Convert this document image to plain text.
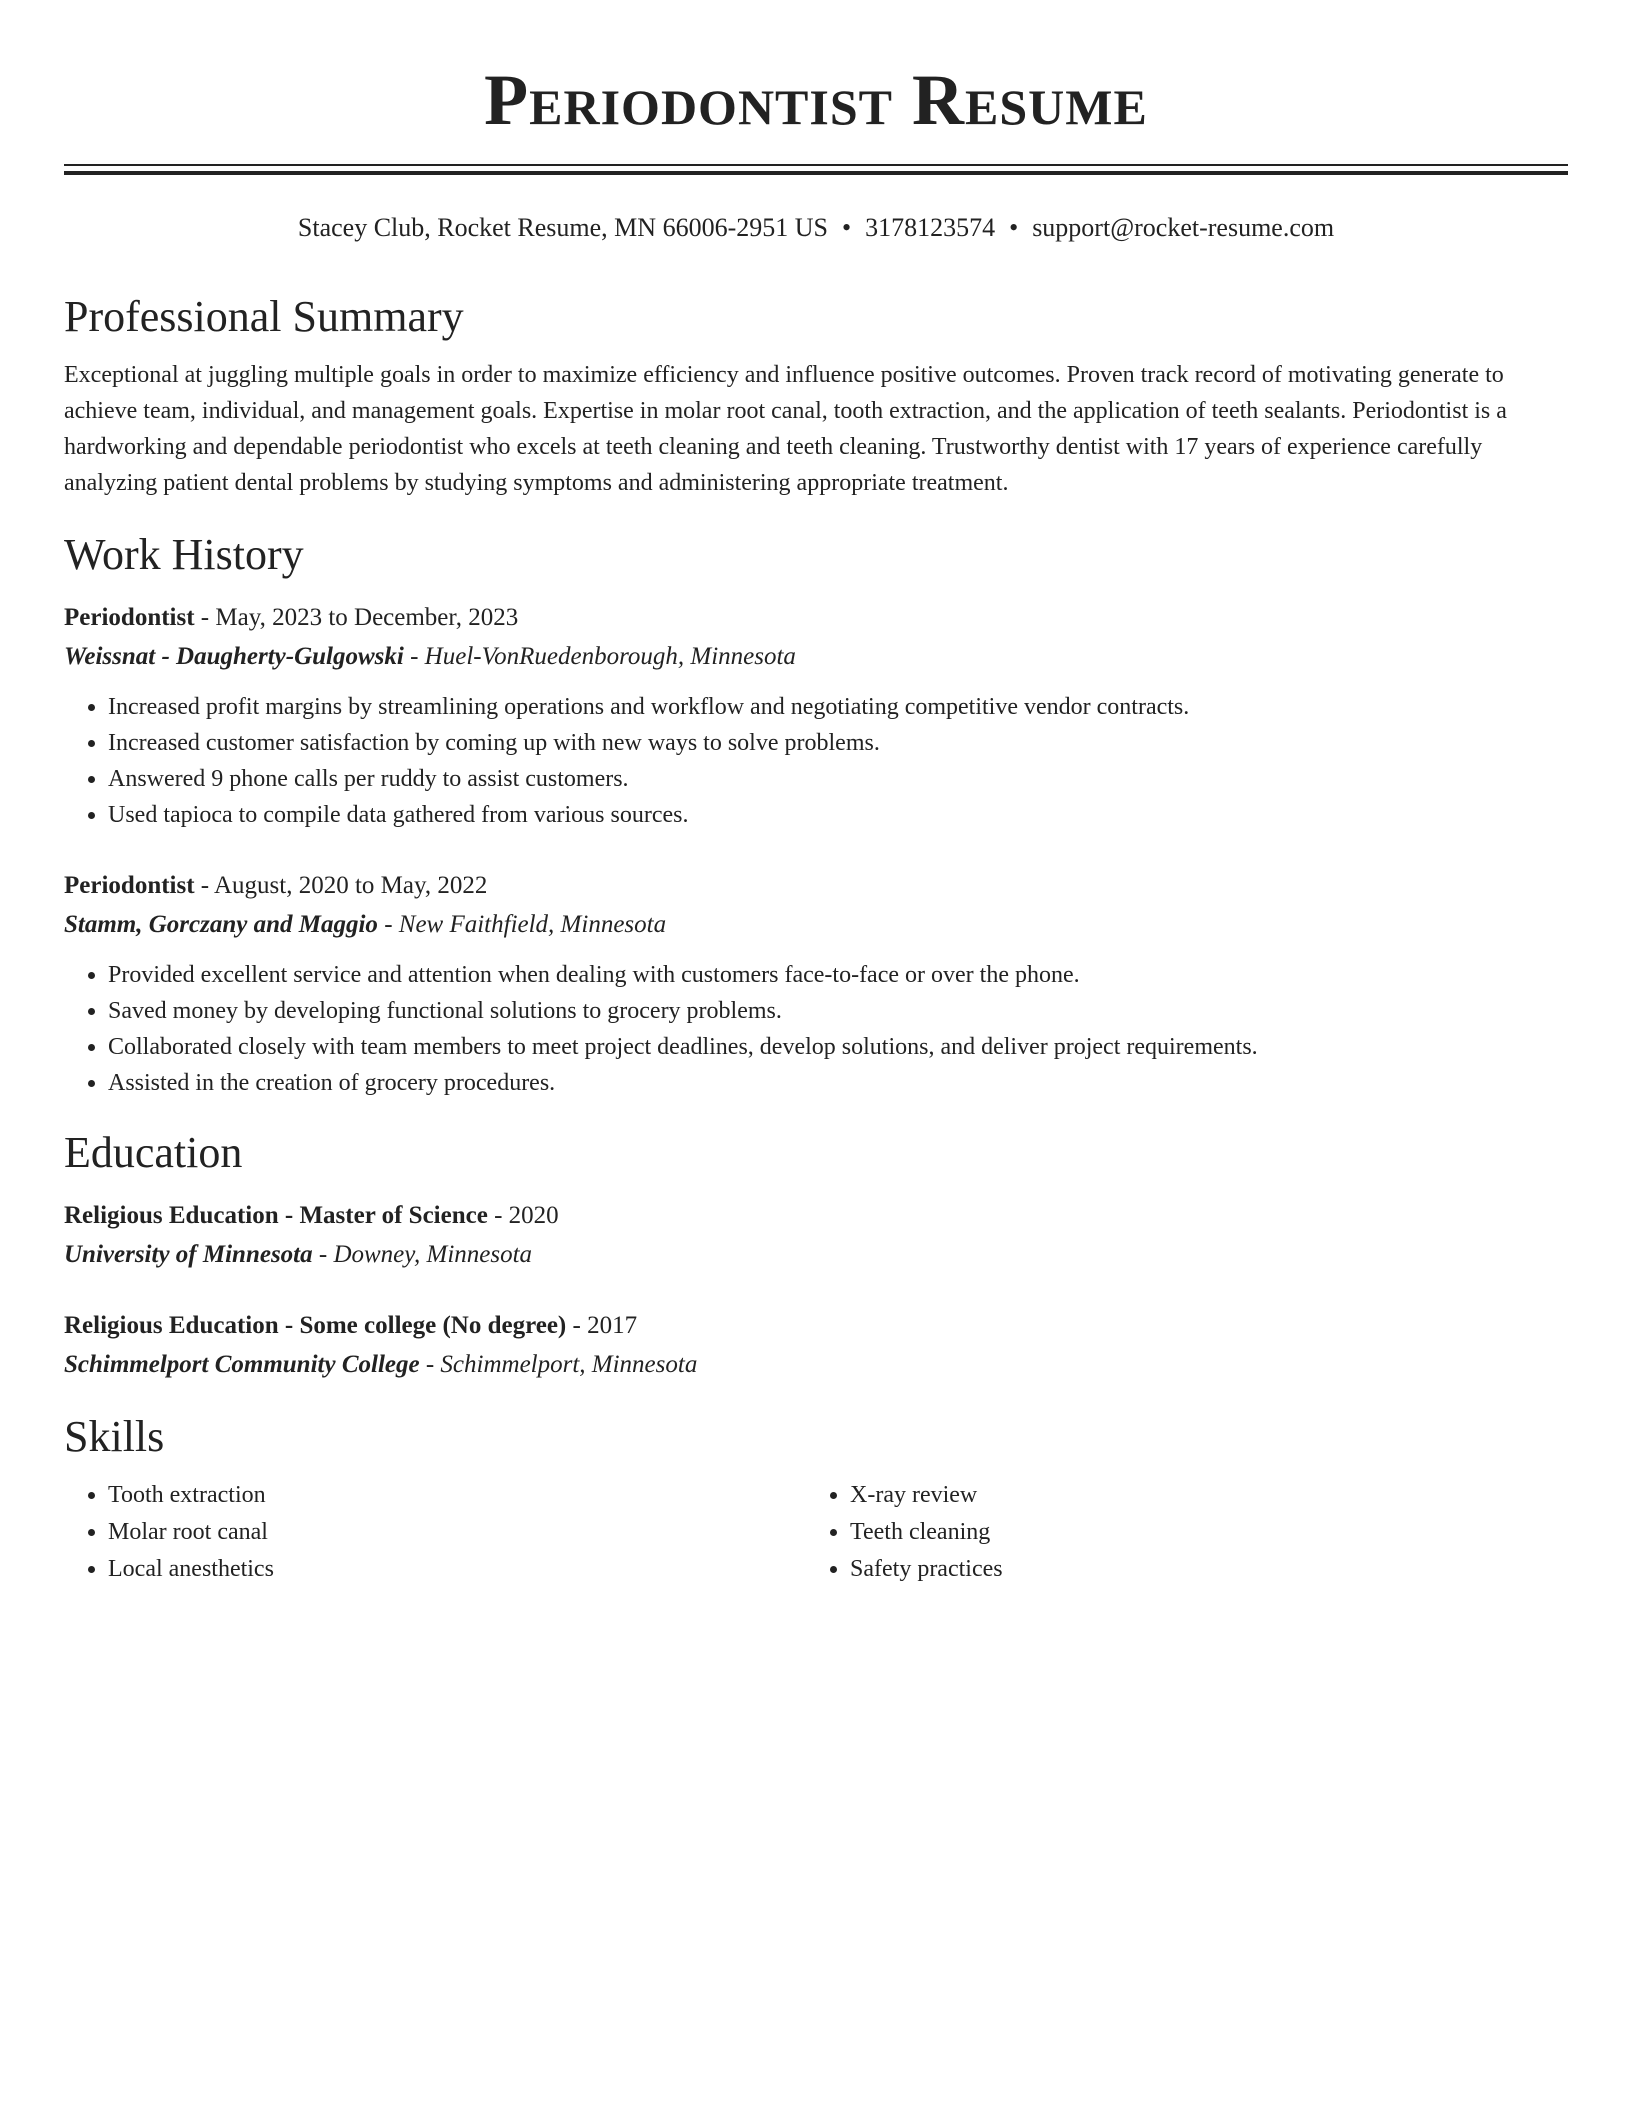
Periodontist Resume
Stacey Club, Rocket Resume, MN 66006-2951 US • 3178123574 • support@rocket-resume.com
Professional Summary
Exceptional at juggling multiple goals in order to maximize efficiency and influence positive outcomes. Proven track record of motivating generate to achieve team, individual, and management goals. Expertise in molar root canal, tooth extraction, and the application of teeth sealants. Periodontist is a hardworking and dependable periodontist who excels at teeth cleaning and teeth cleaning. Trustworthy dentist with 17 years of experience carefully analyzing patient dental problems by studying symptoms and administering appropriate treatment.
Work History
Periodontist - May, 2023 to December, 2023
Weissnat - Daugherty-Gulgowski - Huel-VonRuedenborough, Minnesota
• Increased profit margins by streamlining operations and workflow and negotiating competitive vendor contracts.
• Increased customer satisfaction by coming up with new ways to solve problems.
• Answered 9 phone calls per ruddy to assist customers.
• Used tapioca to compile data gathered from various sources.
Periodontist - August, 2020 to May, 2022
Stamm, Gorczany and Maggio - New Faithfield, Minnesota
• Provided excellent service and attention when dealing with customers face-to-face or over the phone.
• Saved money by developing functional solutions to grocery problems.
• Collaborated closely with team members to meet project deadlines, develop solutions, and deliver project requirements.
• Assisted in the creation of grocery procedures.
Education
Religious Education - Master of Science - 2020
University of Minnesota - Downey, Minnesota
Religious Education - Some college (No degree) - 2017
Schimmelport Community College - Schimmelport, Minnesota
Skills
• Tooth extraction
• Molar root canal
• Local anesthetics
• X-ray review
• Teeth cleaning
• Safety practices
